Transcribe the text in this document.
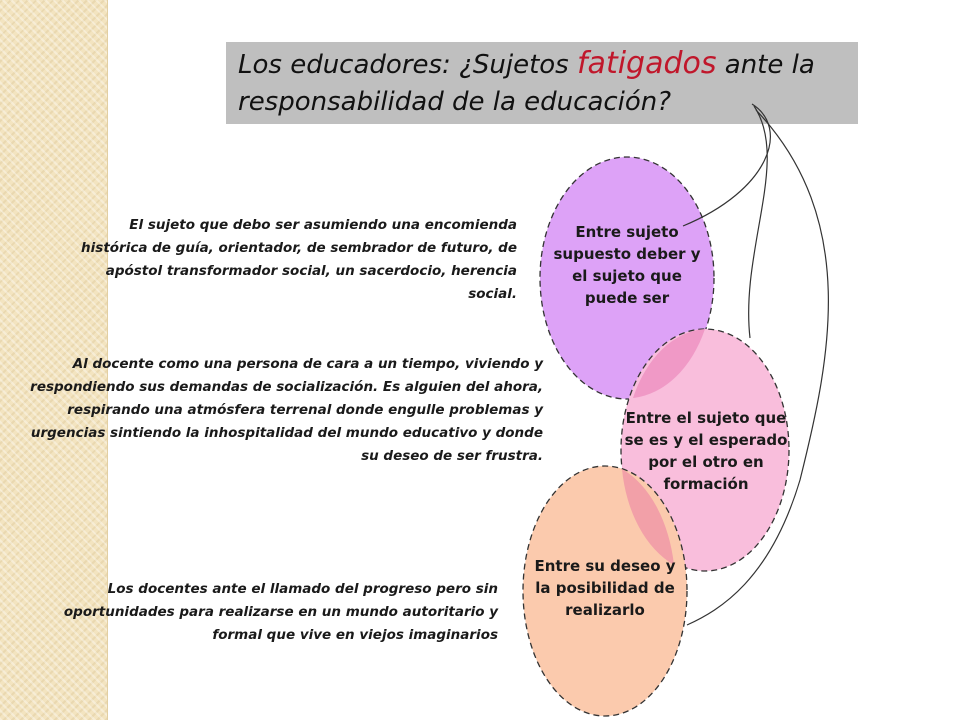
Los educadores: ¿Sujetos fatigados ante la responsabilidad de la educación?
Entre sujeto supuesto deber y el sujeto que puede ser
Entre el sujeto que se es y el esperado por el otro en formación
Entre su deseo y la posibilidad de realizarlo
El sujeto que debo ser asumiendo una encomienda histórica de guía, orientador, de sembrador de futuro, de apóstol transformador social, un sacerdocio, herencia social.
Al docente como una persona de cara a un tiempo, viviendo y respondiendo sus demandas de socialización. Es alguien del ahora, respirando una atmósfera terrenal donde engulle problemas y urgencias sintiendo la inhospitalidad del mundo educativo y donde su deseo de ser frustra.
Los docentes ante el llamado del progreso pero sin oportunidades para realizarse en un mundo autoritario y formal que vive en viejos imaginarios
